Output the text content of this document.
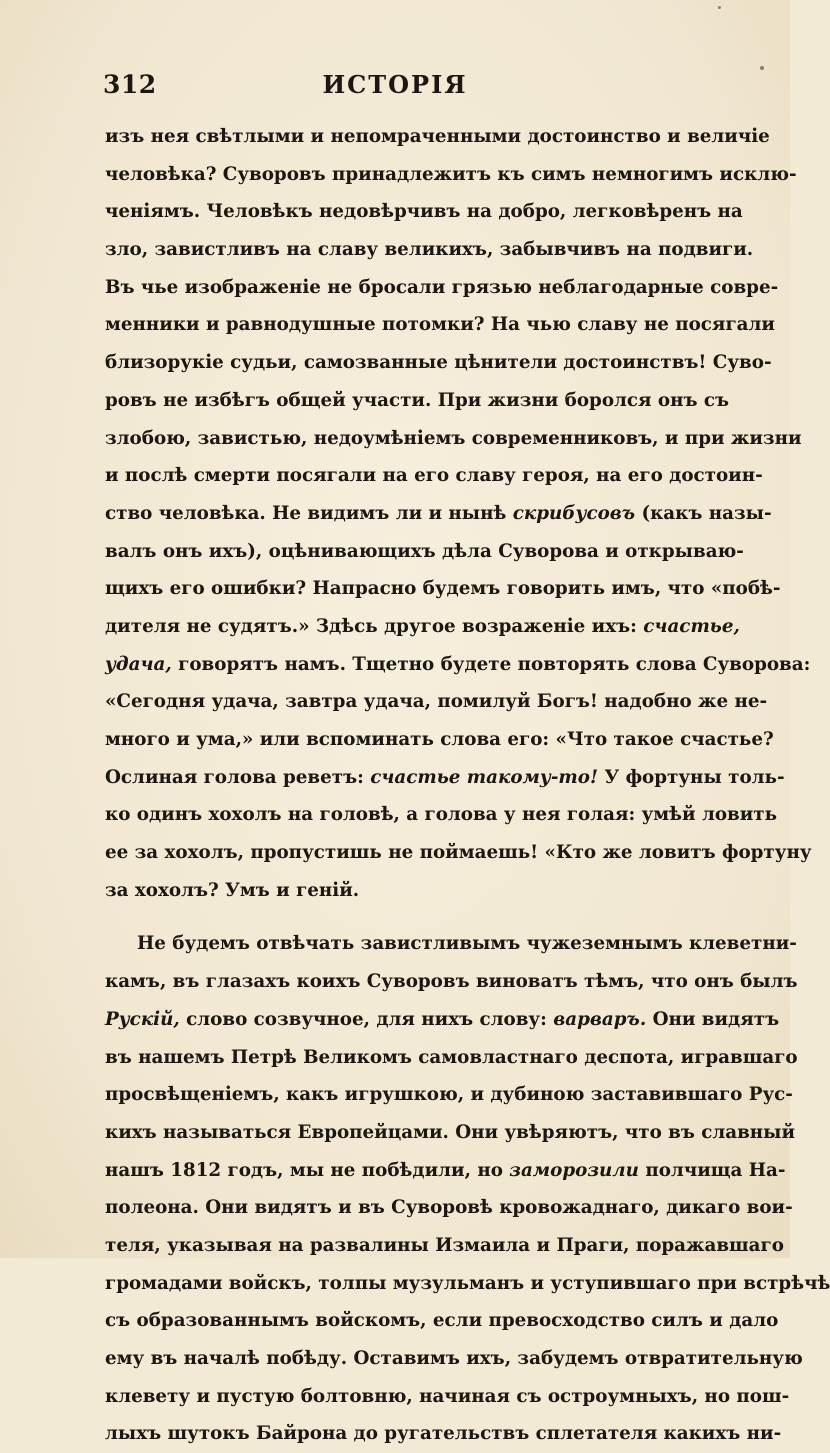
312	ИСТОРІЯ
изъ нея свѣтлыми и непомраченными достоинство и величіе
человѣка? Суворовъ принадлежитъ къ симъ немногимъ исклю-
ченіямъ. Человѣкъ недовѣрчивъ на добро, легковѣренъ на
зло, завистливъ на славу великихъ, забывчивъ на подвиги.
Въ чье изображеніе не бросали грязью неблагодарные совре-
менники и равнодушные потомки? На чью славу не посягали
близорукіе судьи, самозванные цѣнители достоинствъ! Суво-
ровъ не избѣгъ общей участи. При жизни боролся онъ съ
злобою, завистью, недоумѣніемъ современниковъ, и при жизни
и послѣ смерти посягали на его славу героя, на его достоин-
ство человѣка. Не видимъ ли и нынѣ скрибусовъ (какъ назы-
валъ онъ ихъ), оцѣнивающихъ дѣла Суворова и открываю-
щихъ его ошибки? Напрасно будемъ говорить имъ, что «побѣ-
дителя не судятъ.» Здѣсь другое возраженіе ихъ: счастье,
удача, говорятъ намъ. Тщетно будете повторять слова Суворова:
«Сегодня удача, завтра удача, помилуй Богъ! надобно же не-
много и ума,» или вспоминать слова его: «Что такое счастье?
Ослиная голова реветъ: счастье такому-то! У фортуны толь-
ко одинъ хохолъ на головѣ, а голова у нея голая: умѣй ловить
ее за хохолъ, пропустишь не поймаешь! «Кто же ловитъ фортуну
за хохолъ? Умъ и геній.
Не будемъ отвѣчать завистливымъ чужеземнымъ клеветни-
камъ, въ глазахъ коихъ Суворовъ виноватъ тѣмъ, что онъ былъ
Рускій, слово созвучное, для нихъ слову: варваръ. Они видятъ
въ нашемъ Петрѣ Великомъ самовластнаго деспота, игравшаго
просвѣщеніемъ, какъ игрушкою, и дубиною заставившаго Рус-
кихъ называться Европейцами. Они увѣряютъ, что въ славный
нашъ 1812 годъ, мы не побѣдили, но заморозили полчища На-
полеона. Они видятъ и въ Суворовѣ кровожаднаго, дикаго вои-
теля, указывая на развалины Измаила и Праги, поражавшаго
громадами войскъ, толпы музульманъ и уступившаго при встрѣчѣ
съ образованнымъ войскомъ, если превосходство силъ и дало
ему въ началѣ побѣду. Оставимъ ихъ, забудемъ отвратительную
клевету и пустую болтовню, начиная съ остроумныхъ, но пош-
лыхъ шутокъ Байрона до ругательствъ сплетателя какихъ ни-
